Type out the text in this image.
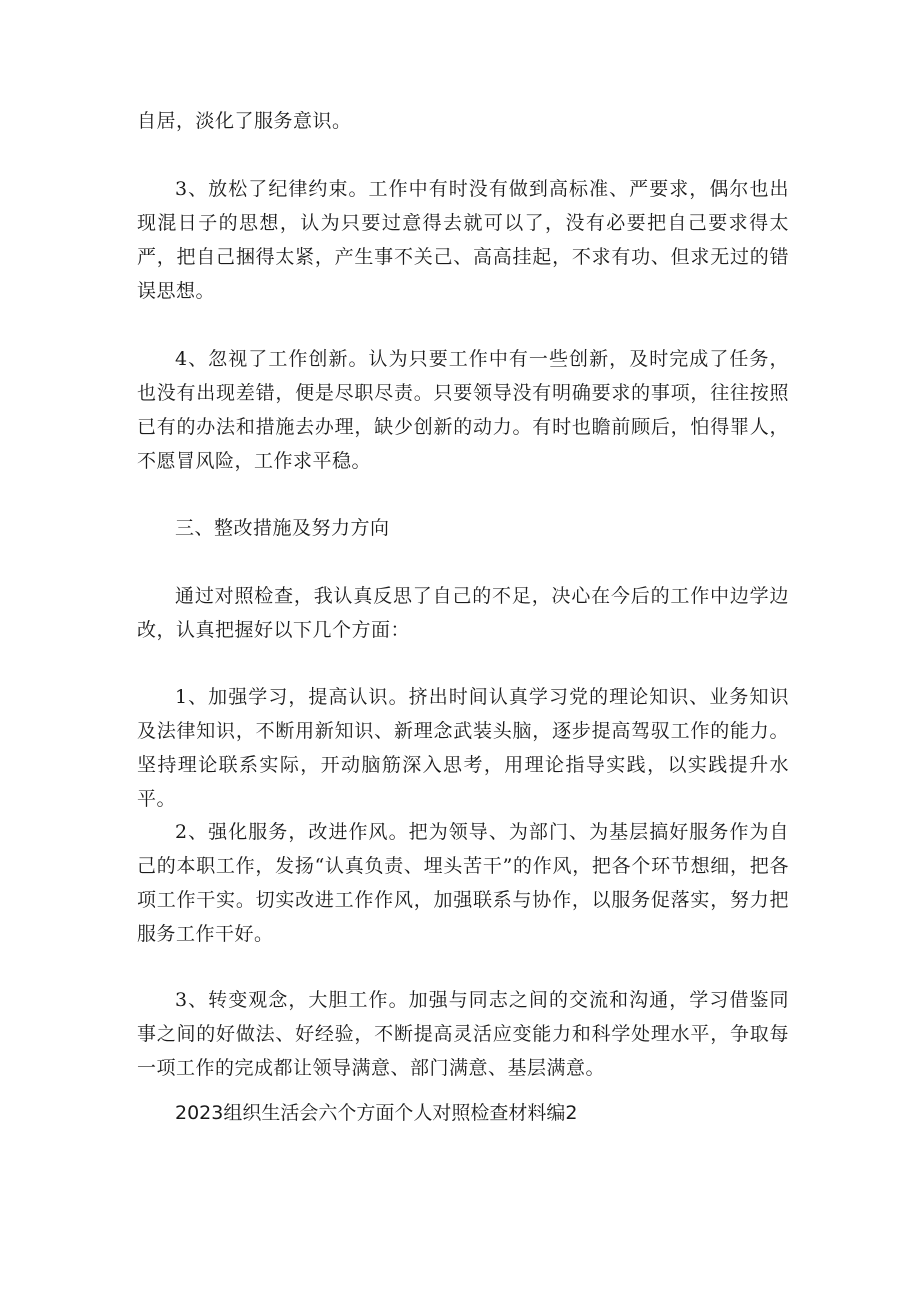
自居，淡化了服务意识。

3、放松了纪律约束。工作中有时没有做到高标准、严要求，偶尔也出现混日子的思想，认为只要过意得去就可以了，没有必要把自己要求得太严，把自己捆得太紧，产生事不关己、高高挂起，不求有功、但求无过的错误思想。

4、忽视了工作创新。认为只要工作中有一些创新，及时完成了任务，也没有出现差错，便是尽职尽责。只要领导没有明确要求的事项，往往按照已有的办法和措施去办理，缺少创新的动力。有时也瞻前顾后，怕得罪人，不愿冒风险，工作求平稳。

三、整改措施及努力方向

通过对照检查，我认真反思了自己的不足，决心在今后的工作中边学边改，认真把握好以下几个方面：

1、加强学习，提高认识。挤出时间认真学习党的理论知识、业务知识及法律知识，不断用新知识、新理念武装头脑，逐步提高驾驭工作的能力。坚持理论联系实际，开动脑筋深入思考，用理论指导实践，以实践提升水平。

2、强化服务，改进作风。把为领导、为部门、为基层搞好服务作为自己的本职工作，发扬“认真负责、埋头苦干”的作风，把各个环节想细，把各项工作干实。切实改进工作作风，加强联系与协作，以服务促落实，努力把服务工作干好。

3、转变观念，大胆工作。加强与同志之间的交流和沟通，学习借鉴同事之间的好做法、好经验，不断提高灵活应变能力和科学处理水平，争取每一项工作的完成都让领导满意、部门满意、基层满意。

2023组织生活会六个方面个人对照检查材料编2
